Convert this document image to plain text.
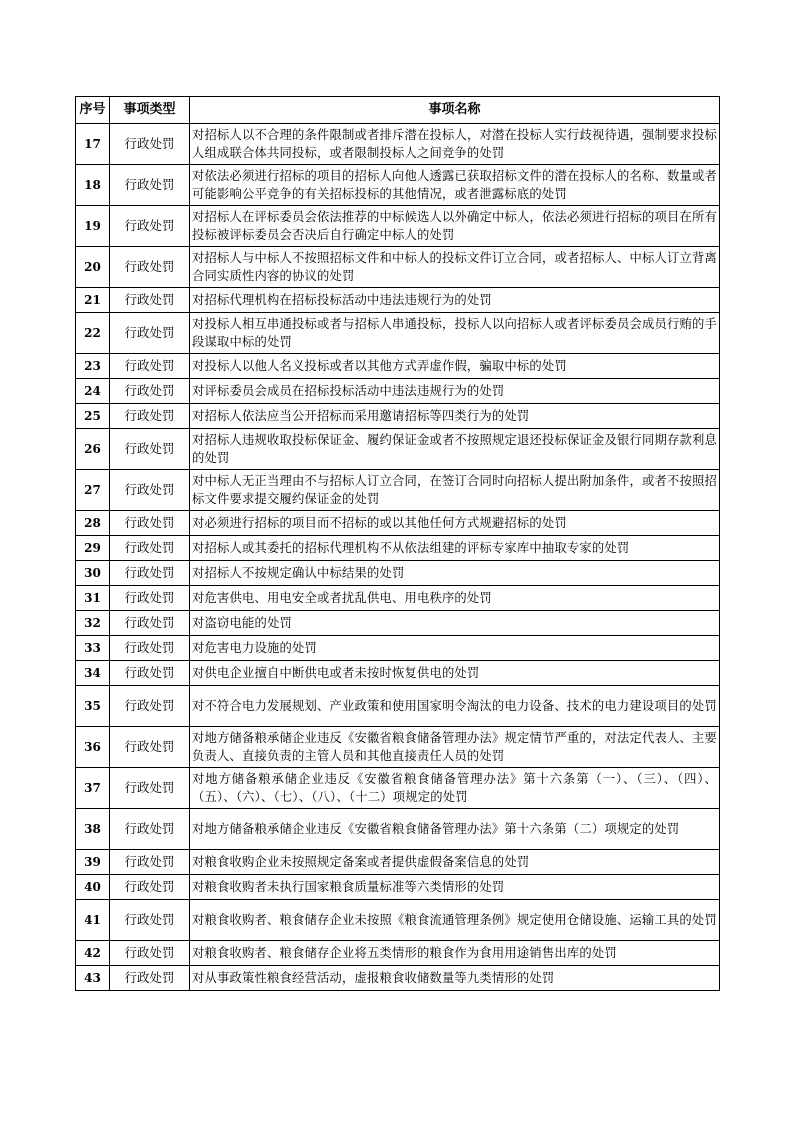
序号	事项类型	事项名称
17	行政处罚	对招标人以不合理的条件限制或者排斥潜在投标人，对潜在投标人实行歧视待遇，强制要求投标人组成联合体共同投标，或者限制投标人之间竞争的处罚
18	行政处罚	对依法必须进行招标的项目的招标人向他人透露已获取招标文件的潜在投标人的名称、数量或者可能影响公平竞争的有关招标投标的其他情况，或者泄露标底的处罚
19	行政处罚	对招标人在评标委员会依法推荐的中标候选人以外确定中标人，依法必须进行招标的项目在所有投标被评标委员会否决后自行确定中标人的处罚
20	行政处罚	对招标人与中标人不按照招标文件和中标人的投标文件订立合同，或者招标人、中标人订立背离合同实质性内容的协议的处罚
21	行政处罚	对招标代理机构在招标投标活动中违法违规行为的处罚
22	行政处罚	对投标人相互串通投标或者与招标人串通投标，投标人以向招标人或者评标委员会成员行贿的手段谋取中标的处罚
23	行政处罚	对投标人以他人名义投标或者以其他方式弄虚作假，骗取中标的处罚
24	行政处罚	对评标委员会成员在招标投标活动中违法违规行为的处罚
25	行政处罚	对招标人依法应当公开招标而采用邀请招标等四类行为的处罚
26	行政处罚	对招标人违规收取投标保证金、履约保证金或者不按照规定退还投标保证金及银行同期存款利息的处罚
27	行政处罚	对中标人无正当理由不与招标人订立合同，在签订合同时向招标人提出附加条件，或者不按照招标文件要求提交履约保证金的处罚
28	行政处罚	对必须进行招标的项目而不招标的或以其他任何方式规避招标的处罚
29	行政处罚	对招标人或其委托的招标代理机构不从依法组建的评标专家库中抽取专家的处罚
30	行政处罚	对招标人不按规定确认中标结果的处罚
31	行政处罚	对危害供电、用电安全或者扰乱供电、用电秩序的处罚
32	行政处罚	对盗窃电能的处罚
33	行政处罚	对危害电力设施的处罚
34	行政处罚	对供电企业擅自中断供电或者未按时恢复供电的处罚
35	行政处罚	对不符合电力发展规划、产业政策和使用国家明令淘汰的电力设备、技术的电力建设项目的处罚
36	行政处罚	对地方储备粮承储企业违反《安徽省粮食储备管理办法》规定情节严重的，对法定代表人、主要负责人、直接负责的主管人员和其他直接责任人员的处罚
37	行政处罚	对地方储备粮承储企业违反《安徽省粮食储备管理办法》第十六条第（一）、（三）、（四）、（五）、（六）、（七）、（八）、（十二）项规定的处罚
38	行政处罚	对地方储备粮承储企业违反《安徽省粮食储备管理办法》第十六条第（二）项规定的处罚
39	行政处罚	对粮食收购企业未按照规定备案或者提供虚假备案信息的处罚
40	行政处罚	对粮食收购者未执行国家粮食质量标准等六类情形的处罚
41	行政处罚	对粮食收购者、粮食储存企业未按照《粮食流通管理条例》规定使用仓储设施、运输工具的处罚
42	行政处罚	对粮食收购者、粮食储存企业将五类情形的粮食作为食用用途销售出库的处罚
43	行政处罚	对从事政策性粮食经营活动，虚报粮食收储数量等九类情形的处罚
